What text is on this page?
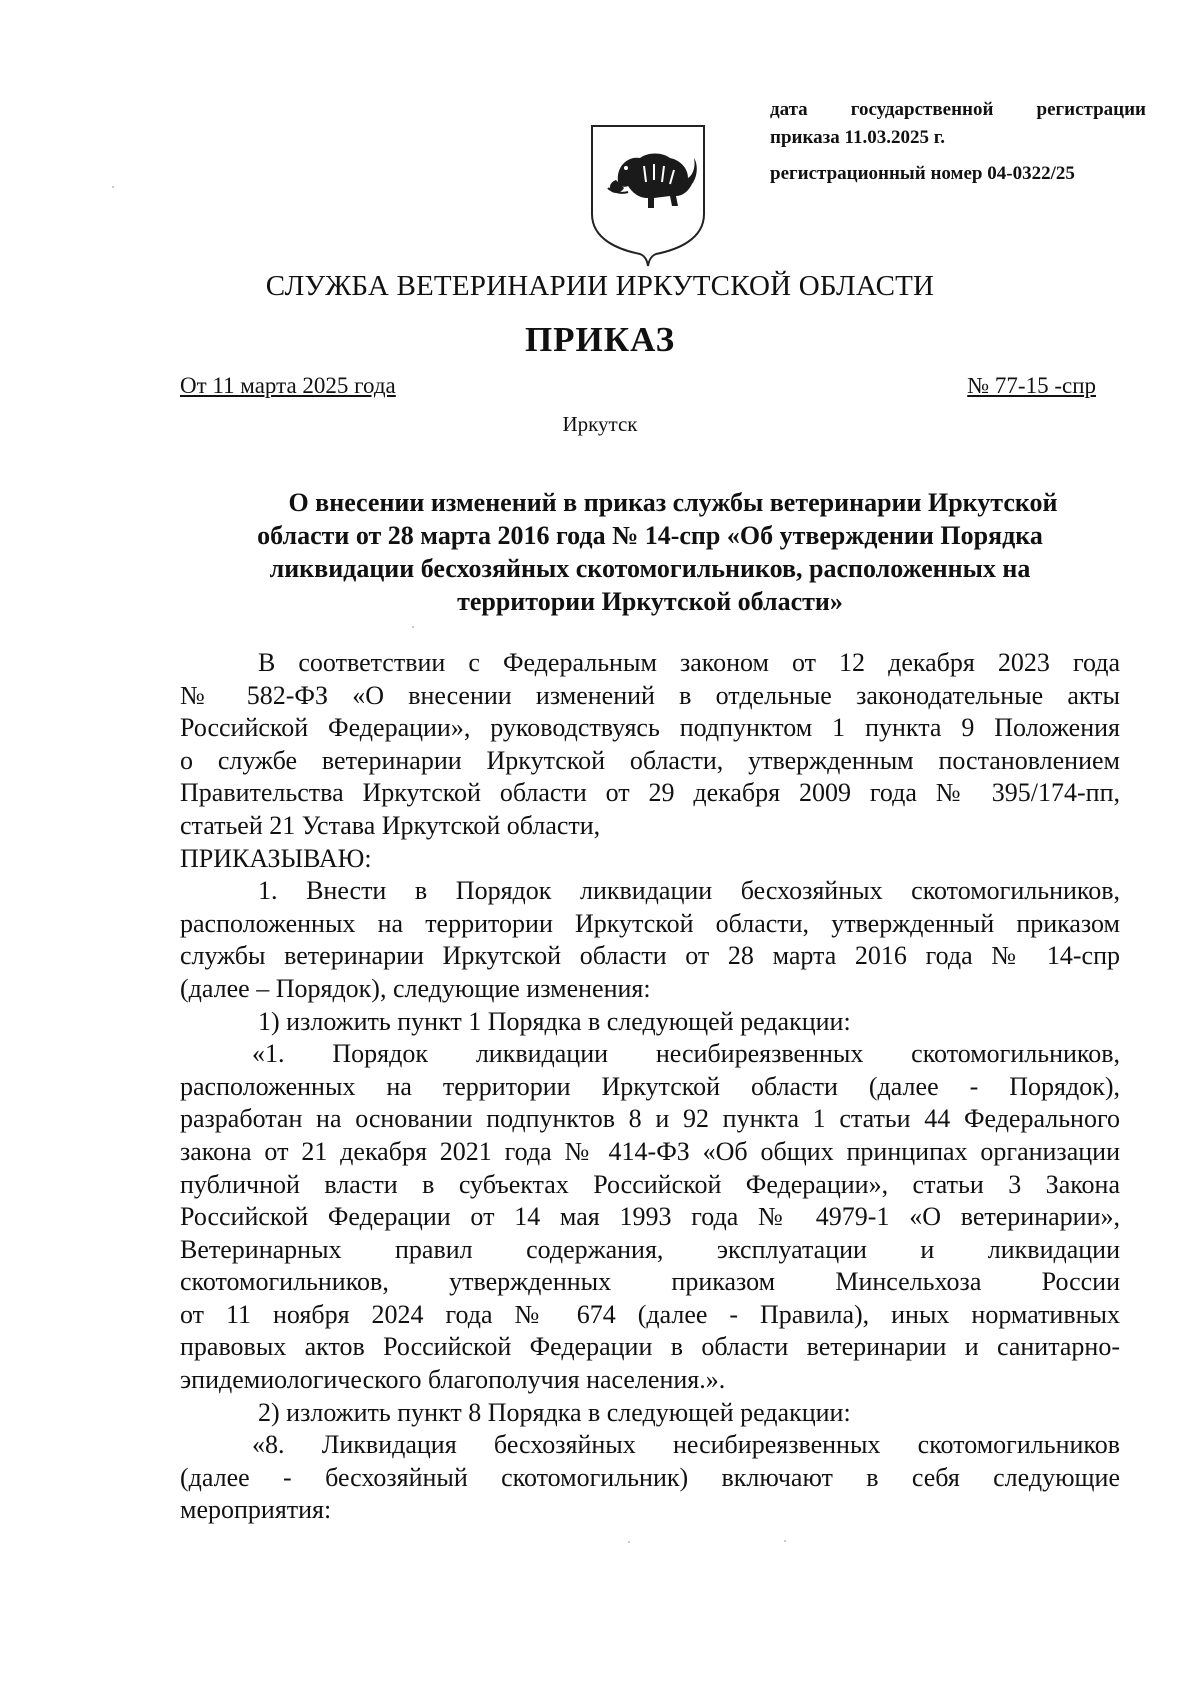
дата государственной регистрации
приказа 11.03.2025 г.
регистрационный номер 04-0322/25
СЛУЖБА ВЕТЕРИНАРИИ ИРКУТСКОЙ ОБЛАСТИ
ПРИКАЗ
От 11 марта 2025 года	№ 77-15 -спр
Иркутск
О внесении изменений в приказ службы ветеринарии Иркутской
области от 28 марта 2016 года № 14-спр «Об утверждении Порядка
ликвидации бесхозяйных скотомогильников, расположенных на
территории Иркутской области»
В соответствии с Федеральным законом от 12 декабря 2023 года
№ 582-ФЗ «О внесении изменений в отдельные законодательные акты
Российской Федерации», руководствуясь подпунктом 1 пункта 9 Положения
о службе ветеринарии Иркутской области, утвержденным постановлением
Правительства Иркутской области от 29 декабря 2009 года № 395/174-пп,
статьей 21 Устава Иркутской области,
ПРИКАЗЫВАЮ:
1. Внести в Порядок ликвидации бесхозяйных скотомогильников,
расположенных на территории Иркутской области, утвержденный приказом
службы ветеринарии Иркутской области от 28 марта 2016 года № 14-спр
(далее – Порядок), следующие изменения:
1) изложить пункт 1 Порядка в следующей редакции:
«1. Порядок ликвидации несибиреязвенных скотомогильников,
расположенных на территории Иркутской области (далее - Порядок),
разработан на основании подпунктов 8 и 92 пункта 1 статьи 44 Федерального
закона от 21 декабря 2021 года № 414-ФЗ «Об общих принципах организации
публичной власти в субъектах Российской Федерации», статьи 3 Закона
Российской Федерации от 14 мая 1993 года № 4979-1 «О ветеринарии»,
Ветеринарных правил содержания, эксплуатации и ликвидации
скотомогильников, утвержденных приказом Минсельхоза России
от 11 ноября 2024 года № 674 (далее - Правила), иных нормативных
правовых актов Российской Федерации в области ветеринарии и санитарно-
эпидемиологического благополучия населения.».
2) изложить пункт 8 Порядка в следующей редакции:
«8. Ликвидация бесхозяйных несибиреязвенных скотомогильников
(далее - бесхозяйный скотомогильник) включают в себя следующие
мероприятия:
